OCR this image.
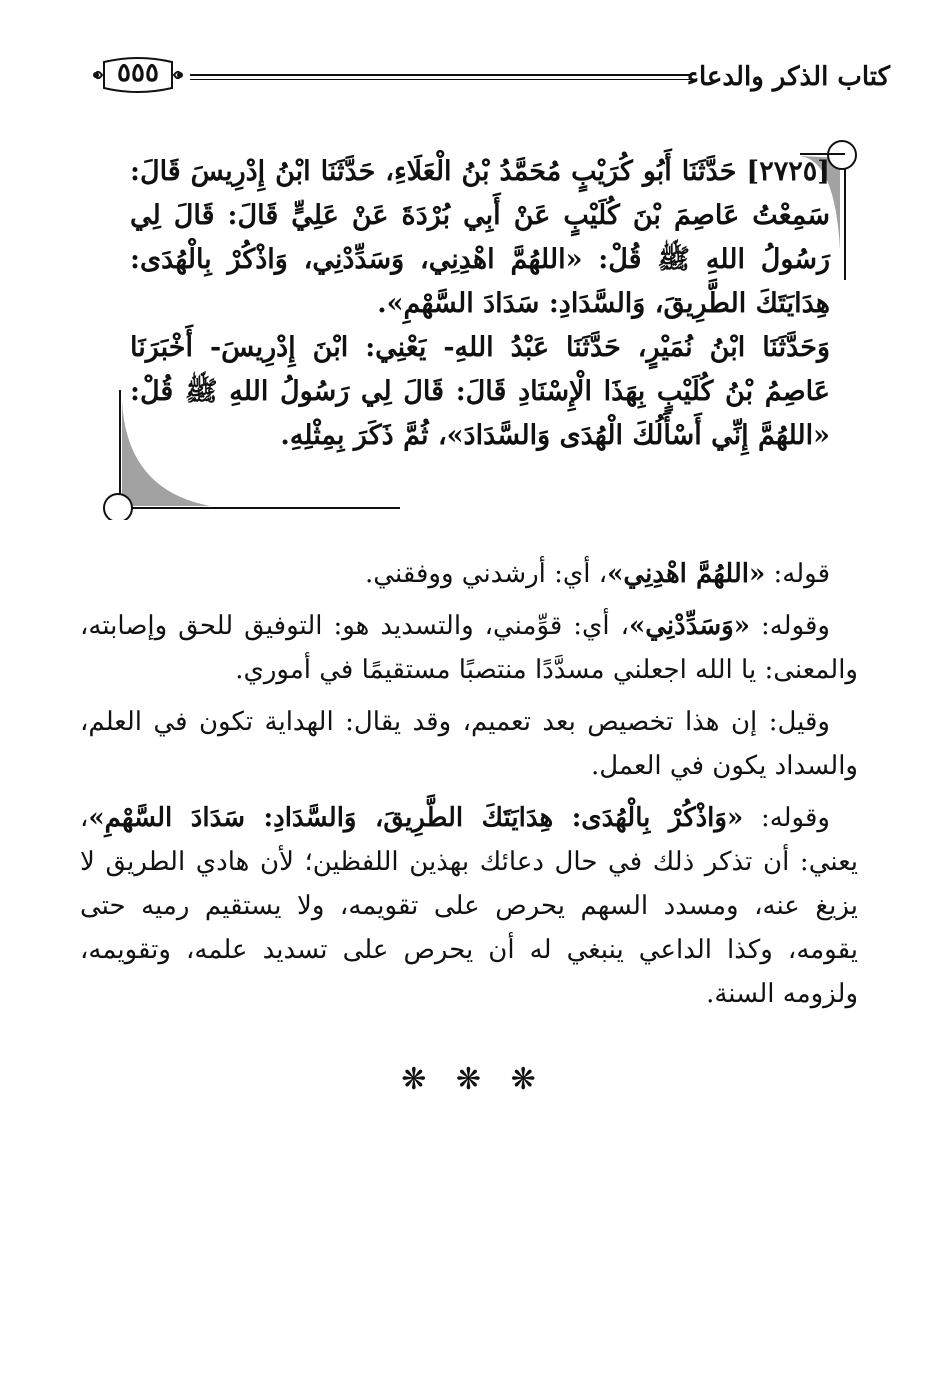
كتاب الذكر والدعاء
٥٥٥

[٢٧٢٥] حَدَّثَنَا أَبُو كُرَيْبٍ مُحَمَّدُ بْنُ الْعَلَاءِ، حَدَّثَنَا ابْنُ إِدْرِيسَ قَالَ: سَمِعْتُ عَاصِمَ بْنَ كُلَيْبٍ عَنْ أَبِي بُرْدَةَ عَنْ عَلِيٍّ قَالَ: قَالَ لِي رَسُولُ اللهِ ﷺ قُلْ: «اللهُمَّ اهْدِنِي، وَسَدِّدْنِي، وَاذْكُرْ بِالْهُدَى: هِدَايَتَكَ الطَّرِيقَ، وَالسَّدَادِ: سَدَادَ السَّهْمِ».

وَحَدَّثَنَا ابْنُ نُمَيْرٍ، حَدَّثَنَا عَبْدُ اللهِ- يَعْنِي: ابْنَ إِدْرِيسَ- أَخْبَرَنَا عَاصِمُ بْنُ كُلَيْبٍ بِهَذَا الْإِسْنَادِ قَالَ: قَالَ لِي رَسُولُ اللهِ ﷺ قُلْ: «اللهُمَّ إِنِّي أَسْأَلُكَ الْهُدَى وَالسَّدَادَ»، ثُمَّ ذَكَرَ بِمِثْلِهِ.

قوله: «اللهُمَّ اهْدِنِي»، أي: أرشدني ووفقني.

وقوله: «وَسَدِّدْنِي»، أي: قوِّمني، والتسديد هو: التوفيق للحق وإصابته، والمعنى: يا الله اجعلني مسدَّدًا منتصبًا مستقيمًا في أموري.

وقيل: إن هذا تخصيص بعد تعميم، وقد يقال: الهداية تكون في العلم، والسداد يكون في العمل.

وقوله: «وَاذْكُرْ بِالْهُدَى: هِدَايَتَكَ الطَّرِيقَ، وَالسَّدَادِ: سَدَادَ السَّهْمِ»، يعني: أن تذكر ذلك في حال دعائك بهذين اللفظين؛ لأن هادي الطريق لا يزيغ عنه، ومسدد السهم يحرص على تقويمه، ولا يستقيم رميه حتى يقومه، وكذا الداعي ينبغي له أن يحرص على تسديد علمه، وتقويمه، ولزومه السنة.

❋ ❋ ❋
